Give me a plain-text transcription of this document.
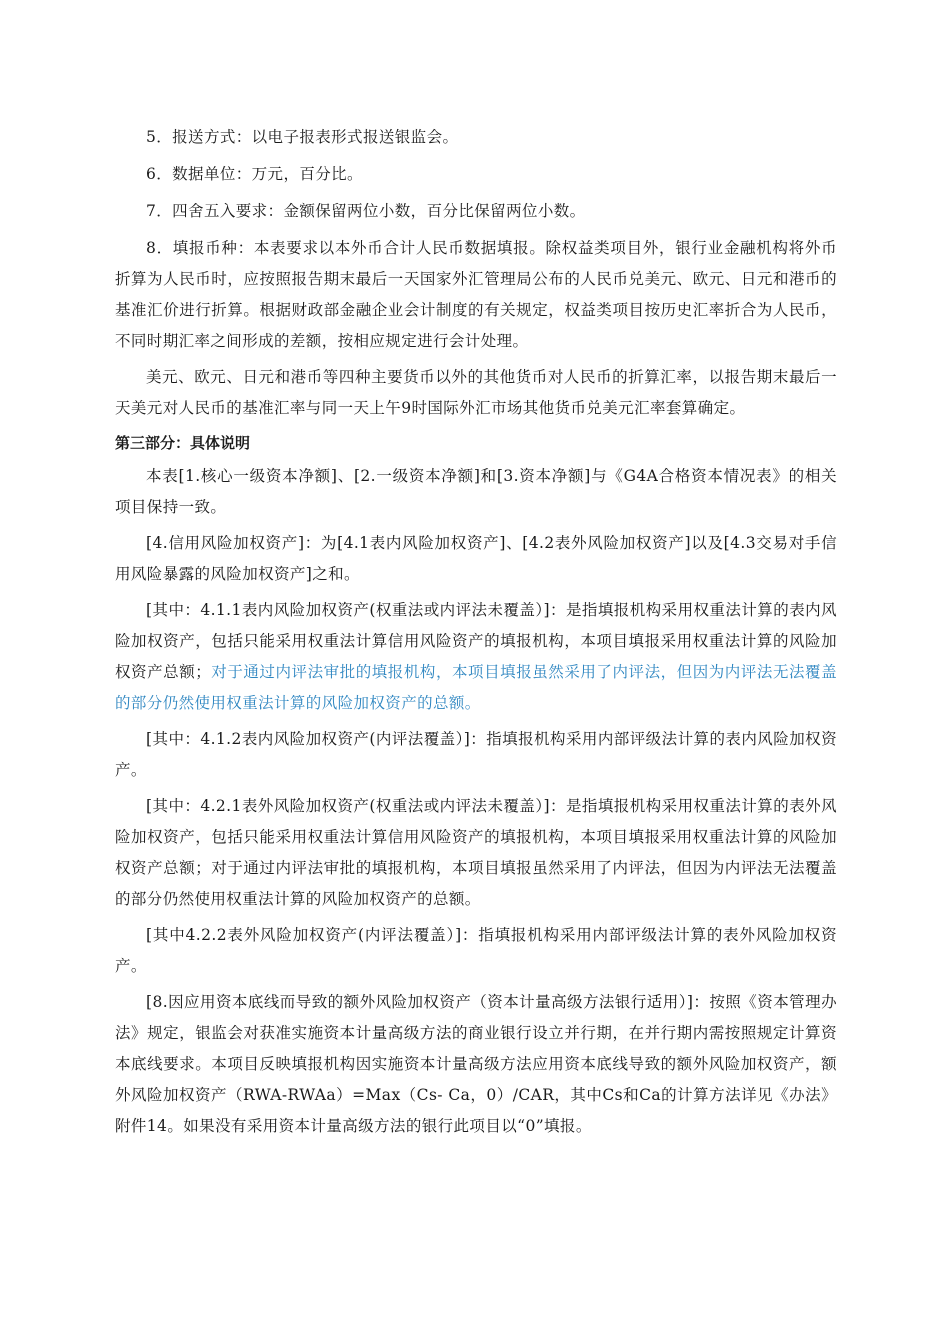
5．报送方式：以电子报表形式报送银监会。

6．数据单位：万元，百分比。

7．四舍五入要求：金额保留两位小数，百分比保留两位小数。

8．填报币种：本表要求以本外币合计人民币数据填报。除权益类项目外，银行业金融机构将外币折算为人民币时，应按照报告期末最后一天国家外汇管理局公布的人民币兑美元、欧元、日元和港币的基准汇价进行折算。根据财政部金融企业会计制度的有关规定，权益类项目按历史汇率折合为人民币，不同时期汇率之间形成的差额，按相应规定进行会计处理。

美元、欧元、日元和港币等四种主要货币以外的其他货币对人民币的折算汇率，以报告期末最后一天美元对人民币的基准汇率与同一天上午9时国际外汇市场其他货币兑美元汇率套算确定。

第三部分：具体说明

本表[1.核心一级资本净额]、[2.一级资本净额]和[3.资本净额]与《G4A合格资本情况表》的相关项目保持一致。

[4.信用风险加权资产]：为[4.1表内风险加权资产]、[4.2表外风险加权资产]以及[4.3交易对手信用风险暴露的风险加权资产]之和。

[其中：4.1.1表内风险加权资产(权重法或内评法未覆盖）]：是指填报机构采用权重法计算的表内风险加权资产，包括只能采用权重法计算信用风险资产的填报机构，本项目填报采用权重法计算的风险加权资产总额；对于通过内评法审批的填报机构，本项目填报虽然采用了内评法，但因为内评法无法覆盖的部分仍然使用权重法计算的风险加权资产的总额。

[其中：4.1.2表内风险加权资产(内评法覆盖）]：指填报机构采用内部评级法计算的表内风险加权资产。

[其中：4.2.1表外风险加权资产(权重法或内评法未覆盖）]：是指填报机构采用权重法计算的表外风险加权资产，包括只能采用权重法计算信用风险资产的填报机构，本项目填报采用权重法计算的风险加权资产总额；对于通过内评法审批的填报机构，本项目填报虽然采用了内评法，但因为内评法无法覆盖的部分仍然使用权重法计算的风险加权资产的总额。

[其中4.2.2表外风险加权资产(内评法覆盖）]：指填报机构采用内部评级法计算的表外风险加权资产。

[8.因应用资本底线而导致的额外风险加权资产（资本计量高级方法银行适用）]：按照《资本管理办法》规定，银监会对获准实施资本计量高级方法的商业银行设立并行期，在并行期内需按照规定计算资本底线要求。本项目反映填报机构因实施资本计量高级方法应用资本底线导致的额外风险加权资产，额外风险加权资产（RWA-RWAa）=Max（Cs- Ca，0）/CAR，其中Cs和Ca的计算方法详见《办法》附件14。如果没有采用资本计量高级方法的银行此项目以“0”填报。
